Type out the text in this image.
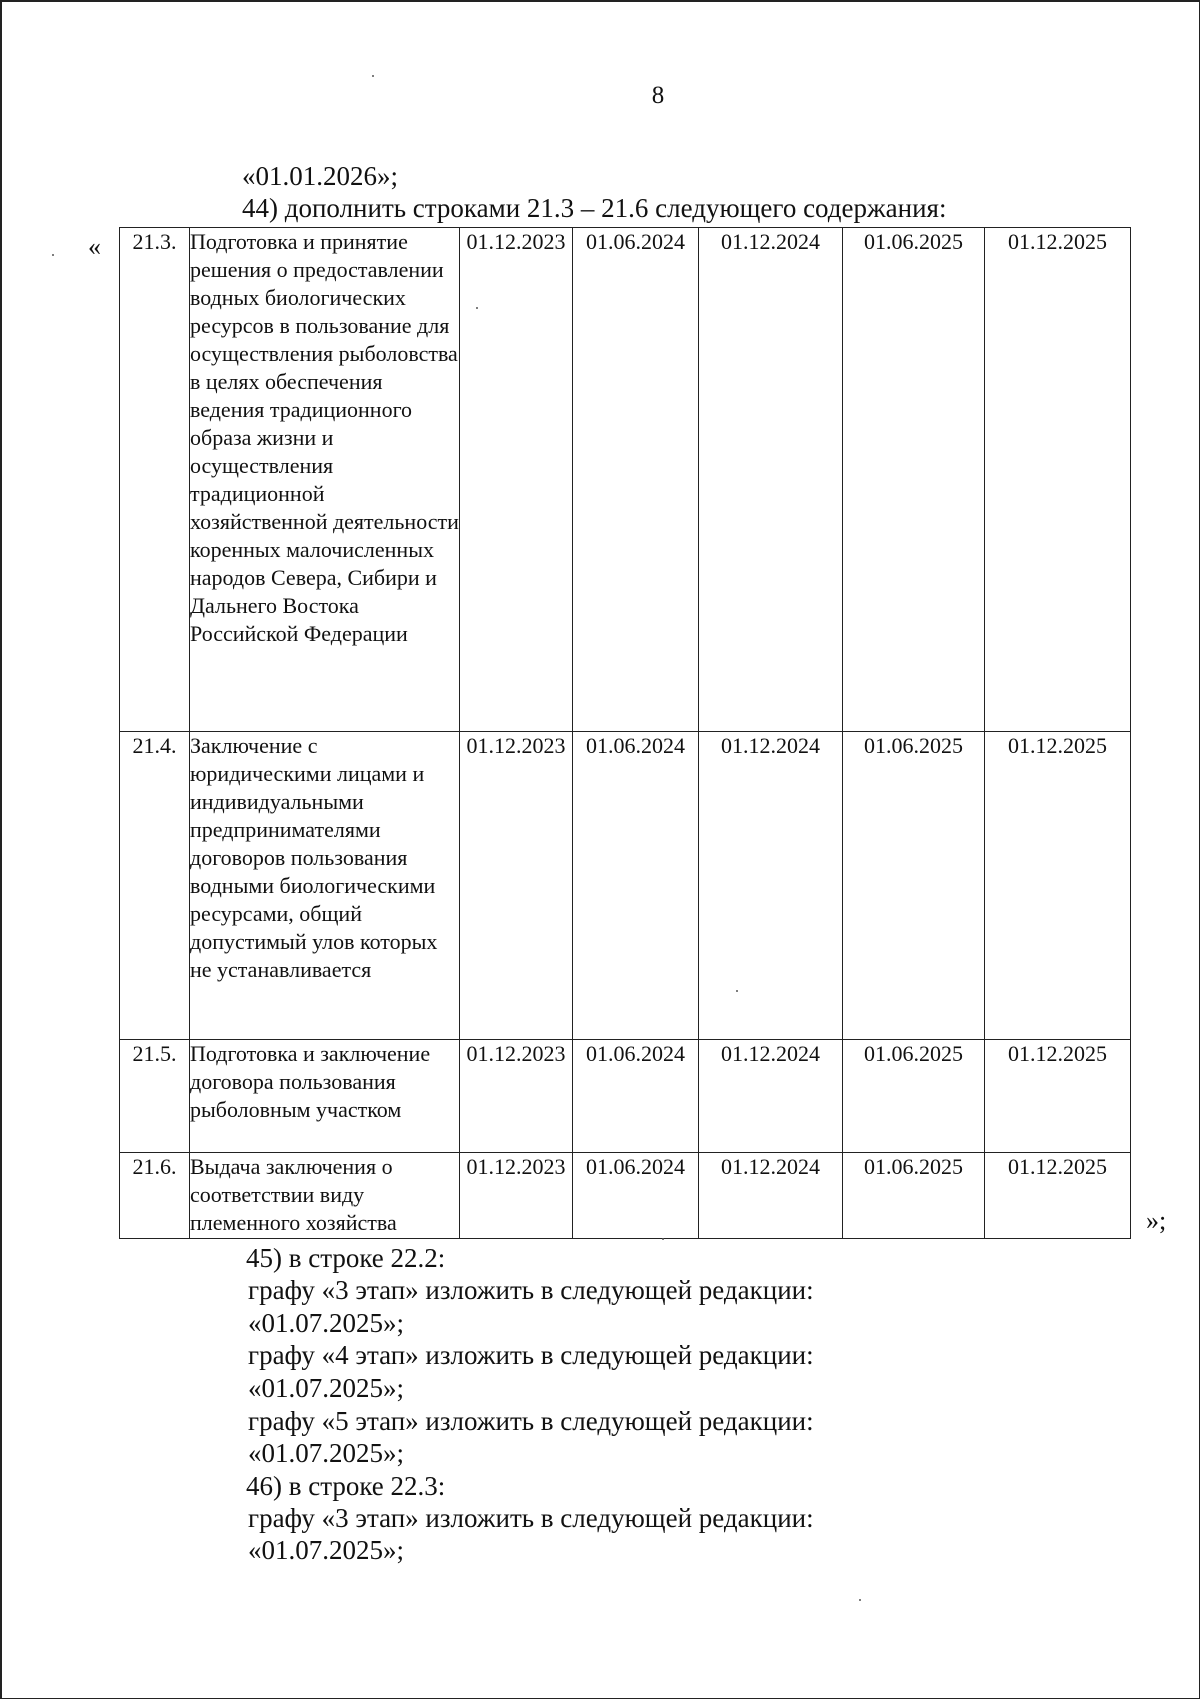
8
«01.01.2026»;
44) дополнить строками 21.3 – 21.6 следующего содержания:
« 21.3.	Подготовка и принятие решения о предоставлении водных биологических ресурсов в пользование для осуществления рыболовства в целях обеспечения ведения традиционного образа жизни и осуществления традиционной хозяйственной деятельности коренных малочисленных народов Севера, Сибири и Дальнего Востока Российской Федерации	01.12.2023	01.06.2024	01.12.2024	01.06.2025	01.12.2025
21.4.	Заключение с юридическими лицами и индивидуальными предпринимателями договоров пользования водными биологическими ресурсами, общий допустимый улов которых не устанавливается	01.12.2023	01.06.2024	01.12.2024	01.06.2025	01.12.2025
21.5.	Подготовка и заключение договора пользования рыболовным участком	01.12.2023	01.06.2024	01.12.2024	01.06.2025	01.12.2025
21.6.	Выдача заключения о соответствии виду племенного хозяйства	01.12.2023	01.06.2024	01.12.2024	01.06.2025	01.12.2025
»;
45) в строке 22.2:
графу «3 этап» изложить в следующей редакции:
«01.07.2025»;
графу «4 этап» изложить в следующей редакции:
«01.07.2025»;
графу «5 этап» изложить в следующей редакции:
«01.07.2025»;
46) в строке 22.3:
графу «3 этап» изложить в следующей редакции:
«01.07.2025»;
